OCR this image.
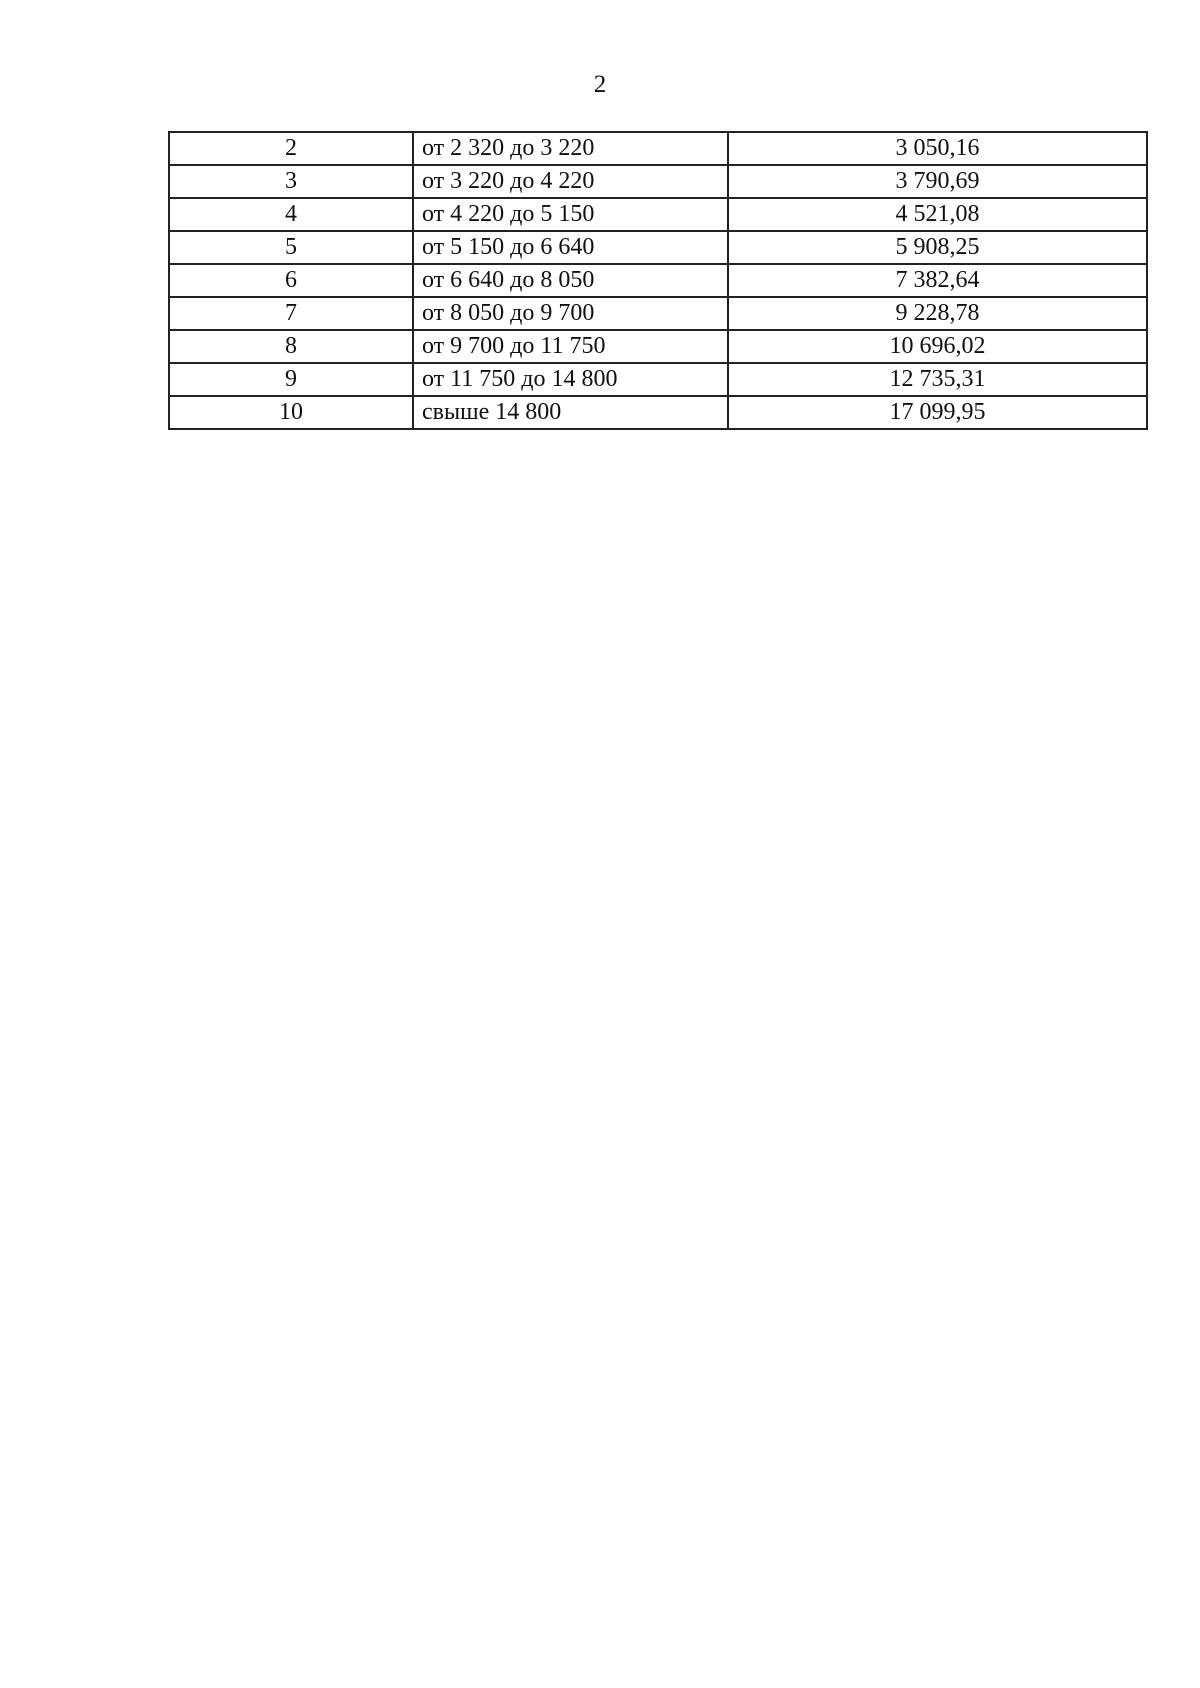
2
2	от 2 320 до 3 220	3 050,16
3	от 3 220 до 4 220	3 790,69
4	от 4 220 до 5 150	4 521,08
5	от 5 150 до 6 640	5 908,25
6	от 6 640 до 8 050	7 382,64
7	от 8 050 до 9 700	9 228,78
8	от 9 700 до 11 750	10 696,02
9	от 11 750 до 14 800	12 735,31
10	свыше 14 800	17 099,95
